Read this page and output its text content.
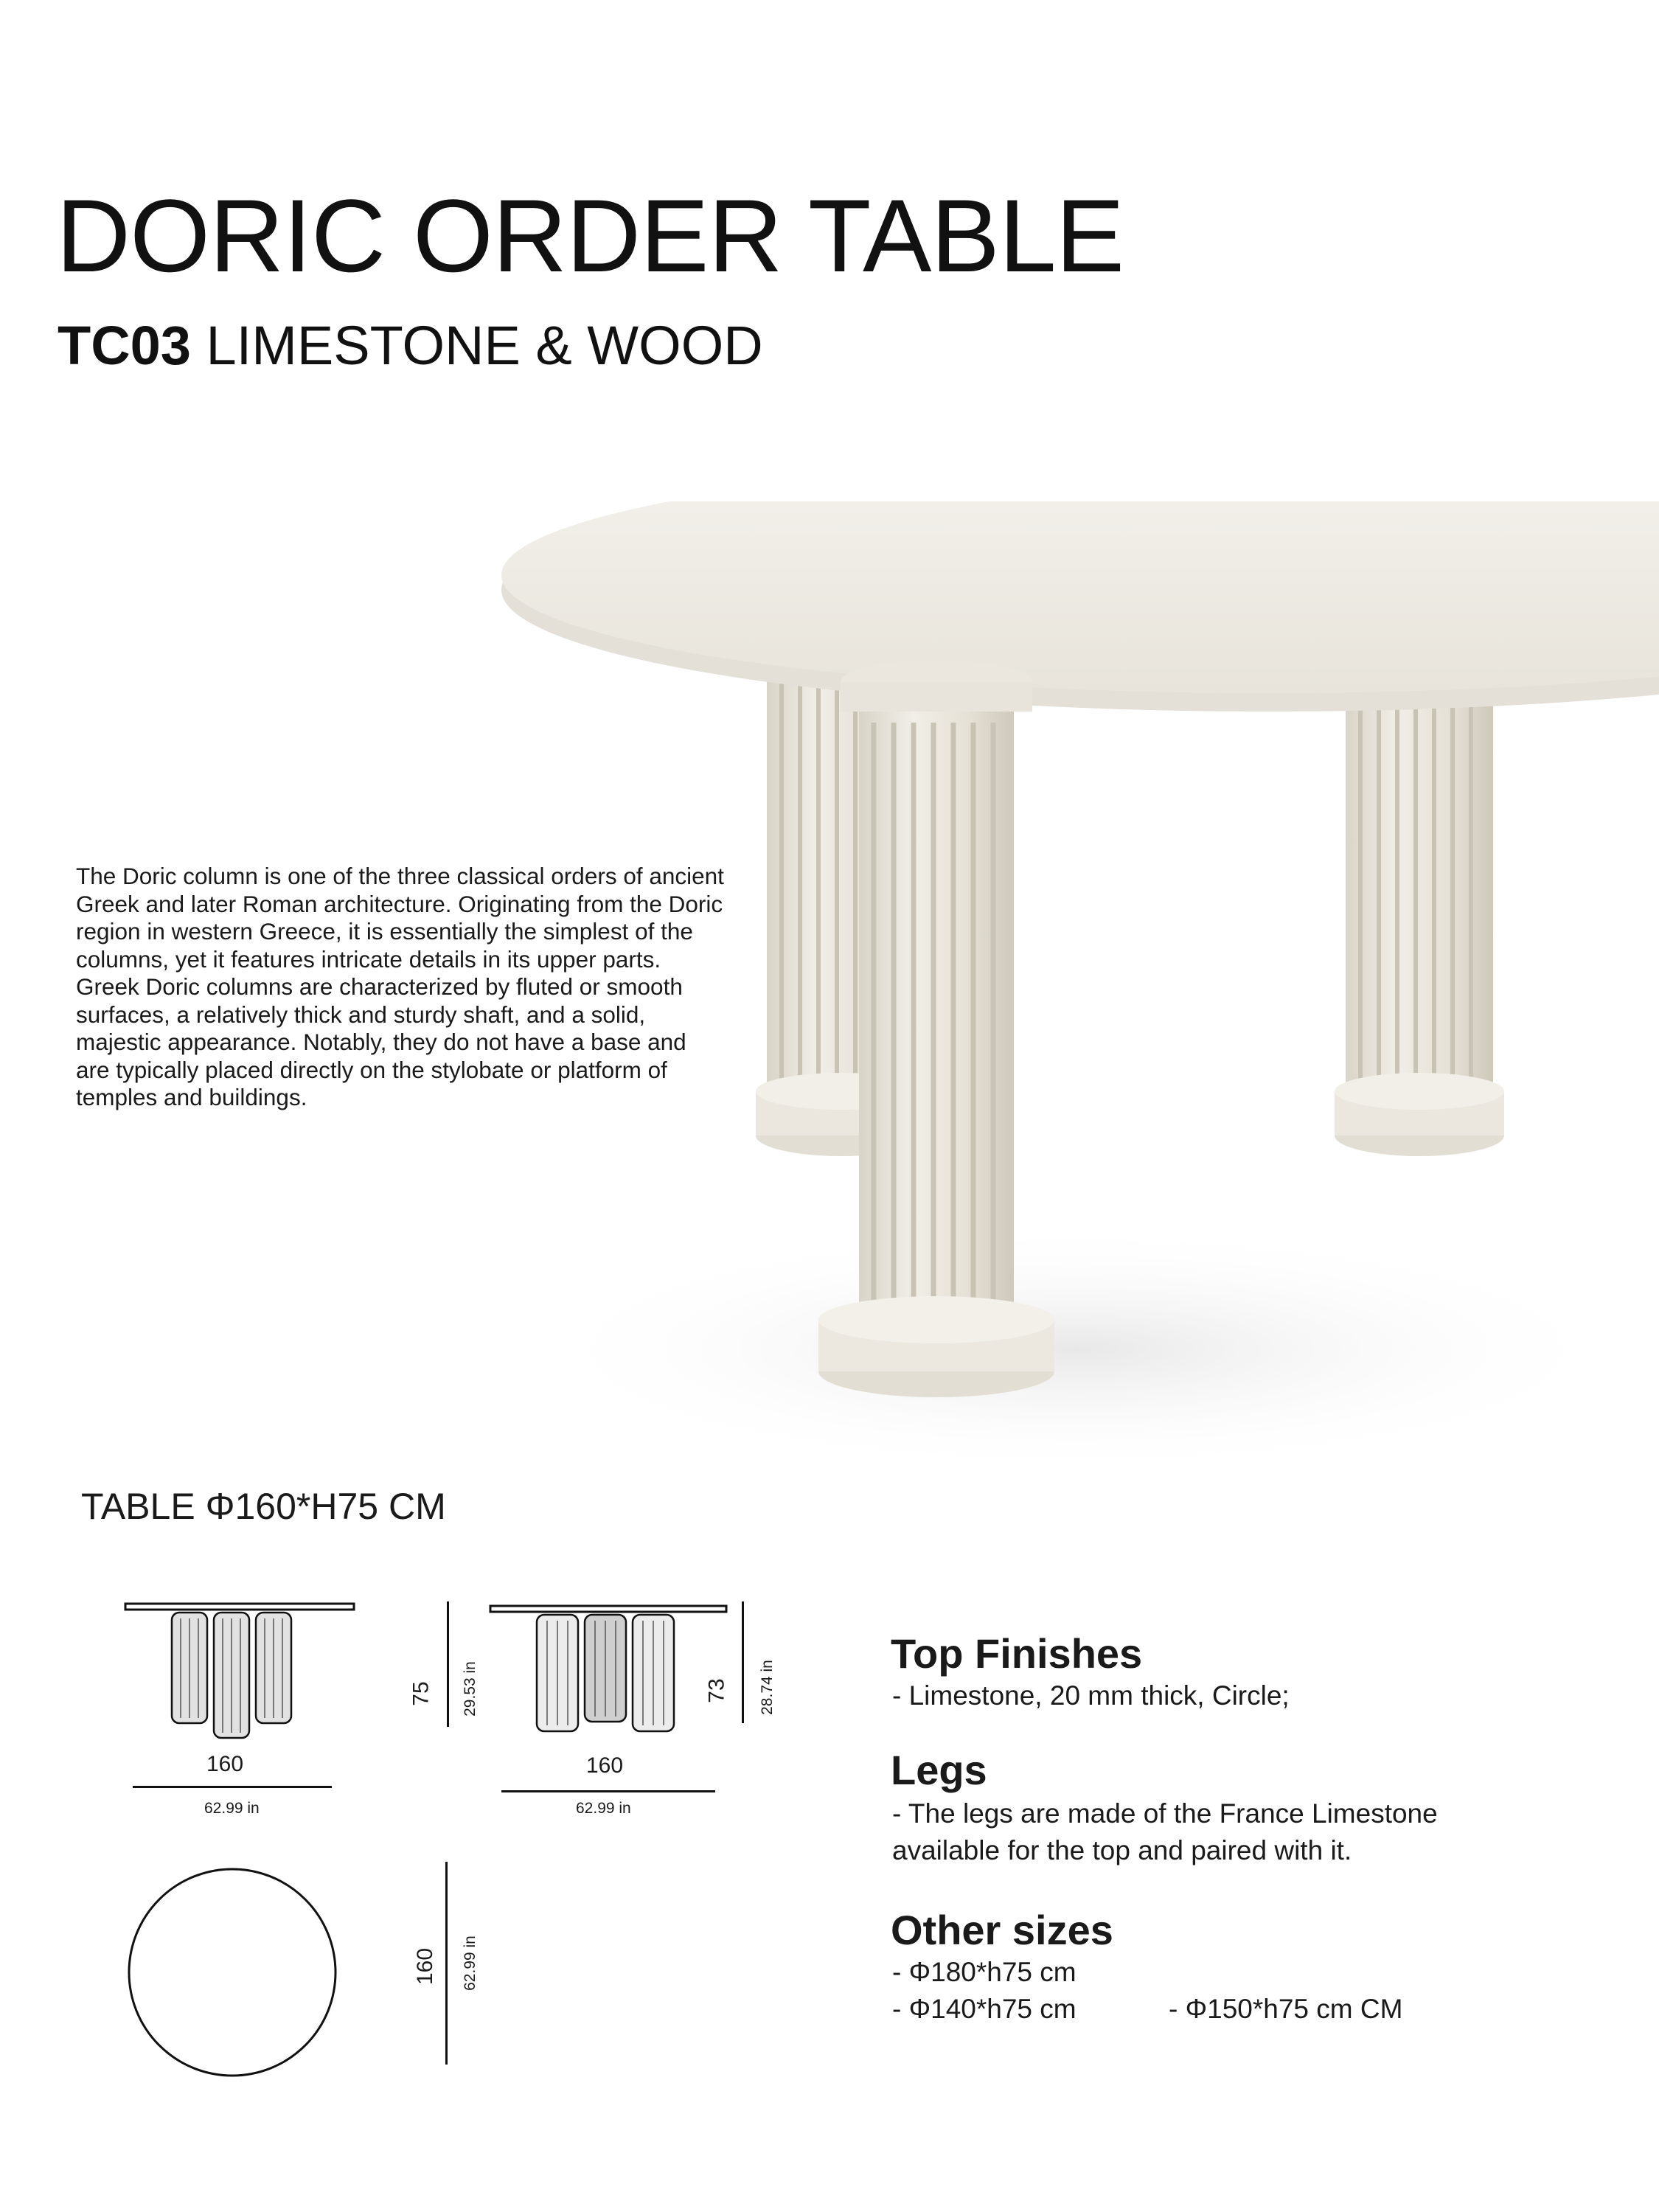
DORIC ORDER TABLE
TC03 LIMESTONE & WOOD

The Doric column is one of the three classical orders of ancient Greek and later Roman architecture. Originating from the Doric region in western Greece, it is essentially the simplest of the columns, yet it features intricate details in its upper parts. Greek Doric columns are characterized by fluted or smooth surfaces, a relatively thick and sturdy shaft, and a solid, majestic appearance. Notably, they do not have a base and are typically placed directly on the stylobate or platform of temples and buildings.

TABLE Φ160*H75 CM

160
62.99 in
75 29.53 in
160
62.99 in
73 28.74 in
160 62.99 in
Top Finishes

- Limestone, 20 mm thick, Circle;

Legs

- The legs are made of the France Limestone

available for the top and paired with it.

Other sizes

- Φ180*h75 cm

- Φ140*h75 cm	- Φ150*h75 cm CM
